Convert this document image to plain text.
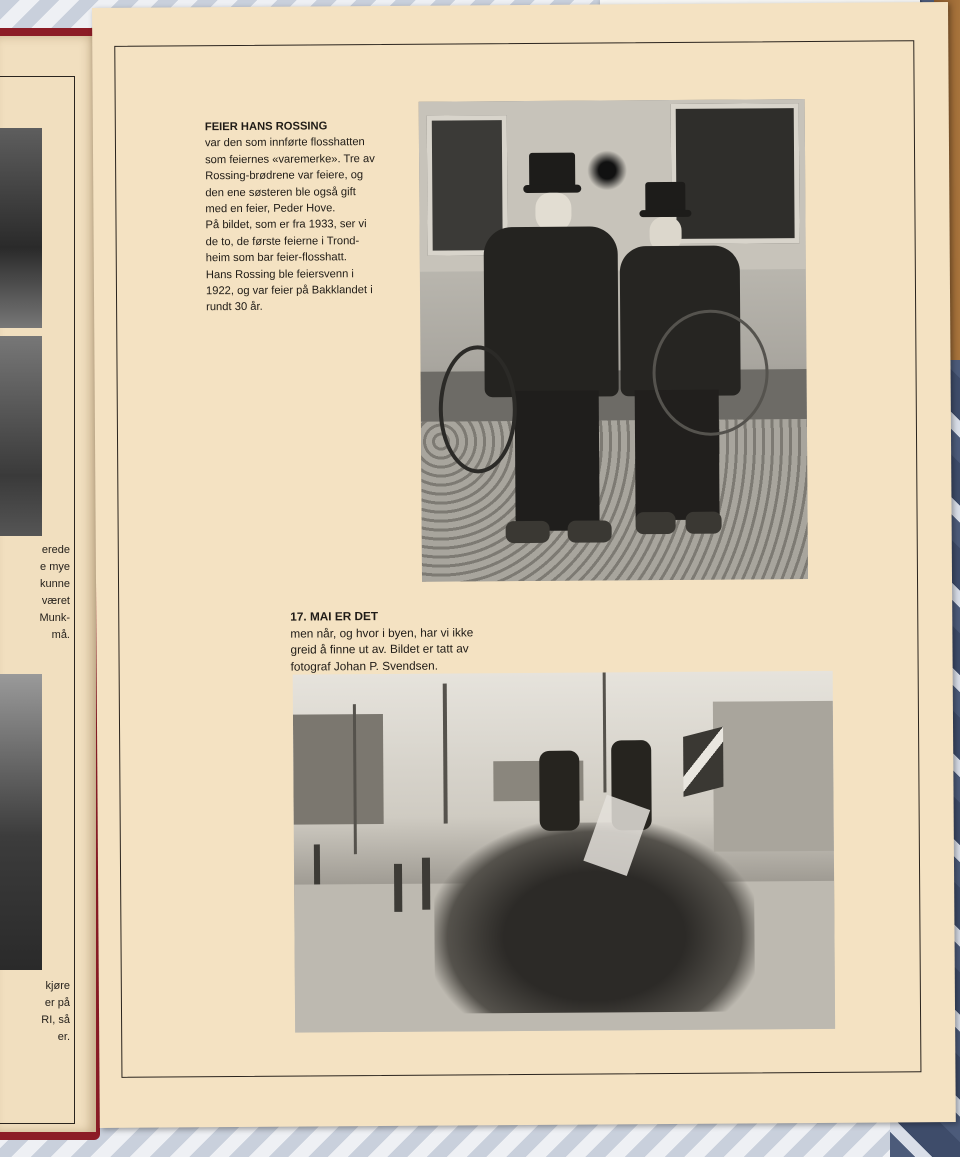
erede
e mye
kunne
været
Munk-
må.
kjøre
er på
RI, så
er.
FEIER HANS ROSSING
var den som innførte flosshatten
som feiernes «varemerke». Tre av
Rossing-brødrene var feiere, og
den ene søsteren ble også gift
med en feier, Peder Hove.
På bildet, som er fra 1933, ser vi
de to, de første feierne i Trond-
heim som bar feier-flosshatt.
Hans Rossing ble feiersvenn i
1922, og var feier på Bakklandet i
rundt 30 år.
17. MAI ER DET
men når, og hvor i byen, har vi ikke
greid å finne ut av. Bildet er tatt av
fotograf Johan P. Svendsen.
